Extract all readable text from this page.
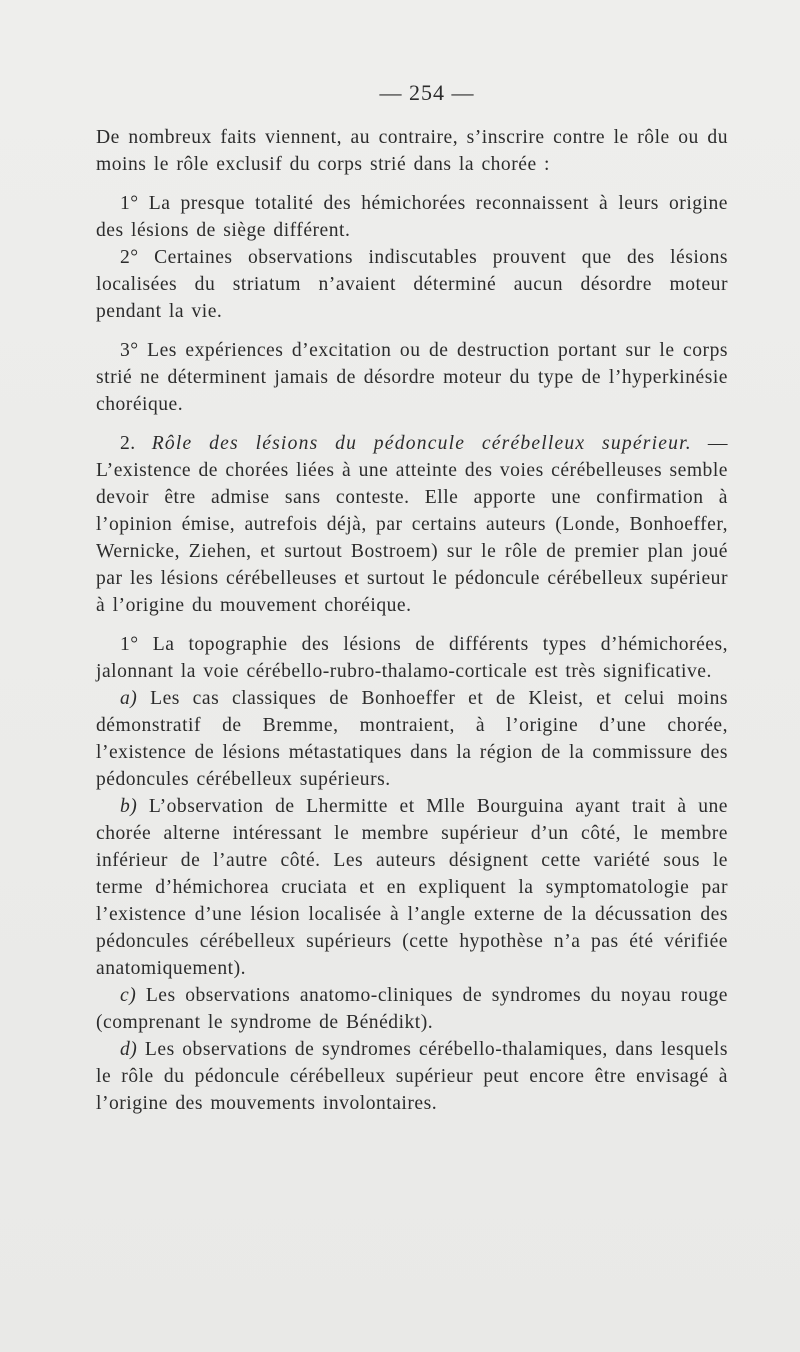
— 254 —

De nombreux faits viennent, au contraire, s’inscrire contre le rôle ou du moins le rôle exclusif du corps strié dans la chorée :

1° La presque totalité des hémichorées reconnaissent à leurs origine des lésions de siège différent.

2° Certaines observations indiscutables prouvent que des lésions localisées du striatum n’avaient déterminé aucun désordre moteur pendant la vie.

3° Les expériences d’excitation ou de destruction portant sur le corps strié ne déterminent jamais de désordre moteur du type de l’hyperkinésie choréique.

2. Rôle des lésions du pédoncule cérébelleux supérieur. — L’existence de chorées liées à une atteinte des voies cérébelleuses semble devoir être admise sans conteste. Elle apporte une confirmation à l’opinion émise, autrefois déjà, par certains auteurs (Londe, Bonhoeffer, Wernicke, Ziehen, et surtout Bostroem) sur le rôle de premier plan joué par les lésions cérébelleuses et surtout le pédoncule cérébelleux supérieur à l’origine du mouvement choréique.

1° La topographie des lésions de différents types d’hémichorées, jalonnant la voie cérébello-rubro-thalamo-corticale est très significative.

a) Les cas classiques de Bonhoeffer et de Kleist, et celui moins démonstratif de Bremme, montraient, à l’origine d’une chorée, l’existence de lésions métastatiques dans la région de la commissure des pédoncules cérébelleux supérieurs.

b) L’observation de Lhermitte et Mlle Bourguina ayant trait à une chorée alterne intéressant le membre supérieur d’un côté, le membre inférieur de l’autre côté. Les auteurs désignent cette variété sous le terme d’hémichorea cruciata et en expliquent la symptomatologie par l’existence d’une lésion localisée à l’angle externe de la décussation des pédoncules cérébelleux supérieurs (cette hypothèse n’a pas été vérifiée anatomiquement).

c) Les observations anatomo-cliniques de syndromes du noyau rouge (comprenant le syndrome de Bénédikt).

d) Les observations de syndromes cérébello-thalamiques, dans lesquels le rôle du pédoncule cérébelleux supérieur peut encore être envisagé à l’origine des mouvements involontaires.
